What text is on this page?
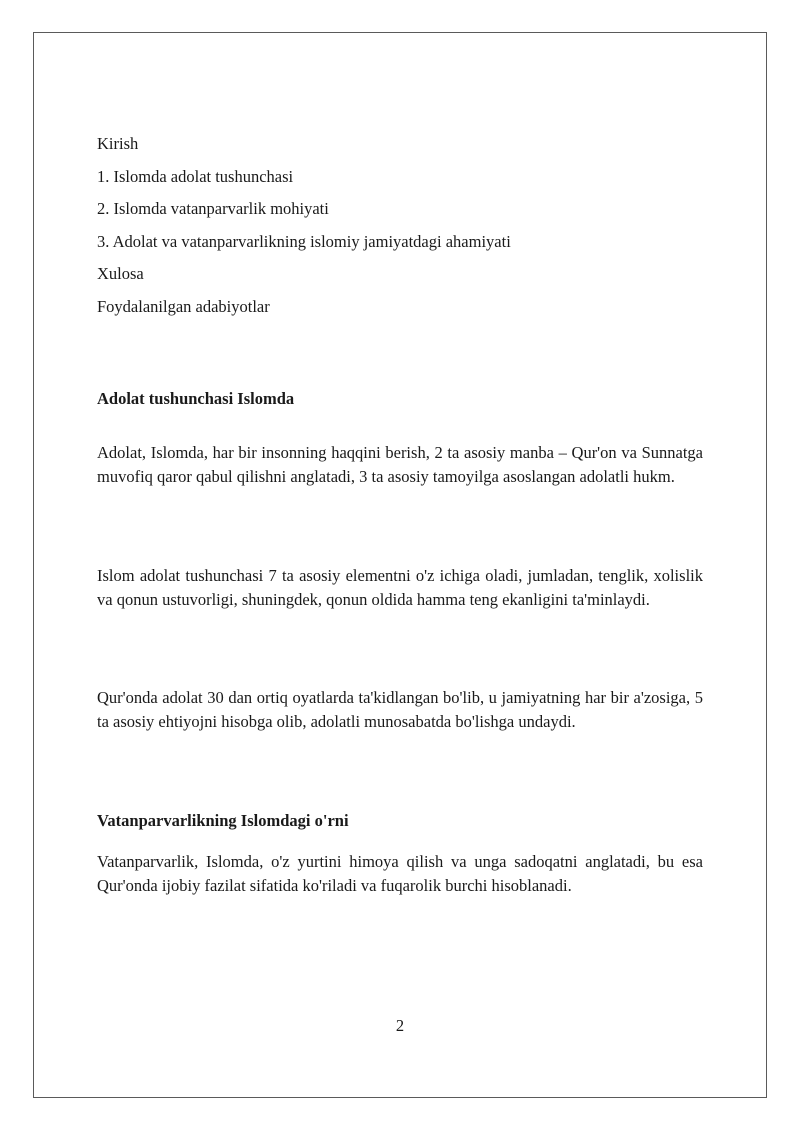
Kirish
1. Islomda adolat tushunchasi
2. Islomda vatanparvarlik mohiyati
3. Adolat va vatanparvarlikning islomiy jamiyatdagi ahamiyati
Xulosa
Foydalanilgan adabiyotlar
Adolat tushunchasi Islomda

Adolat, Islomda, har bir insonning haqqini berish, 2 ta asosiy manba – Qur'on va Sunnatga muvofiq qaror qabul qilishni anglatadi, 3 ta asosiy tamoyilga asoslangan adolatli hukm.

Islom adolat tushunchasi 7 ta asosiy elementni o'z ichiga oladi, jumladan, tenglik, xolislik va qonun ustuvorligi, shuningdek, qonun oldida hamma teng ekanligini ta'minlaydi.

Qur'onda adolat 30 dan ortiq oyatlarda ta'kidlangan bo'lib, u jamiyatning har bir a'zosiga, 5 ta asosiy ehtiyojni hisobga olib, adolatli munosabatda bo'lishga undaydi.

Vatanparvarlikning Islomdagi o'rni

Vatanparvarlik, Islomda, o'z yurtini himoya qilish va unga sadoqatni anglatadi, bu esa Qur'onda ijobiy fazilat sifatida ko'riladi va fuqarolik burchi hisoblanadi.

2
